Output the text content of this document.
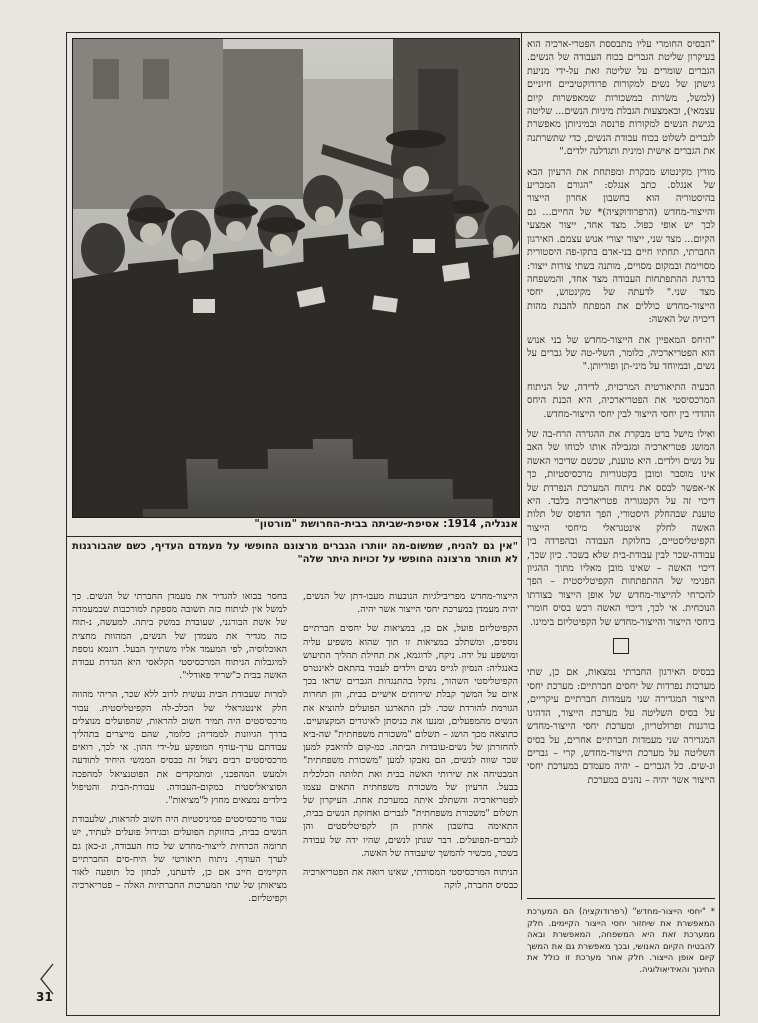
אנגליה, 1914: אסיפת-שביתה בבית-החרושת "מורטון"

"הבסיס החומרי עליו מתבססת הפטרי-ארכיה הוא בעיקרון שליטת הגברים בכוח העבודה של הנשים. הגברים שומרים על שליטה זאת על-ידי מניעת גישתן של נשים למקורות פרודוקטיביים חיוניים (למשל, משׂרות במשכורות שמאפשרות קיום עצמאי), ובאמצעות הגבלת מיניות הנשים... שליטה בגישת הנשים למקורות פרנסה ובמיניותן מאפשרת לגברים לשלוט בכוח עבודת הנשים, כדי שתשרתנה את הגברים אישית ומינית ותגדלנה ילדים."

מורין מקינטוש מבקרת ומפתחת את הרעיון הבא של אנגלס. כתב אנגלס: "הגורם המכריע בהיסטוריה הוא בחשבון אחרון הייצור והייצור-מחדש (הרפרודוקציה)* של החיים... גם לכך יש אופי כפול. מצד אחד, ייצור אמצעי הקיום... מצד שני, ייצור יצורי אנוש עצמם. האירגון החברתי, תחתיו חיים בני-אדם בתקו-פה היסטורית מסויימת ובמקום מסויים, מותנה בשתי צורות ייצור: בדרגת ההתפתחות העבודה מצד אחד, והמשפחה מצד שני." לדעתה של מקינטוש, יחסי הייצור-מחדש כוללים את המפתח להבנת מהות דיכויה של האשה:

"היחס המאפיין את הייצור-מחדש של בני אנוש הוא הפטריארכיה, כלומר, השלי-טה של גברים על נשים, ובמיוחד על מיני-תן ופוריותן."

הבעיה התיאורטית המרכזית, לדידה, של הניתוח המרכסיסטי את הפטריארכיה, היא הבנת היחס ההדדי בין יחסי הייצור לבין יחסי הייצור-מחדש.

ואילו מישל ברט מבקרת את ההגדרה הרח-בה של המושג פטריארכיה ומגבילה אותו לכוחו של האב על נשים וילדים. היא טוענת, שכשם שדיכוי האשה אינו מוסבר ומובן בקטגוריות מרכסיסטיות, כך אי-אפשר לבסס את ניתוח המערכת הנפרדת של דיכוי זה על הקטגוריה פטריארכיה בלבד. היא טוענת שבהחלק היסטורי, הפך הדפוס של תלות האשה לחלק אינטגראלי מיחסי הייצור הקפיטליסטיים, בחלוקת העבודה ובהפרדה בין עבודה-שכר לבין עבודת-בית שלא בשכר. כיון שכך, דיכוי האשה – שאינו מובן מאליו מתוך ההגיון הפנימי של ההתפתחות הקפיטליסטית – הפך להכרחי להייצור-מחדש של אופן הייצור בצורתו הנוכחית. אי לכך, דיכוי האשה רכש בסיס חומרי ביחסי הייצור והייצור-מחדש של הקפיטליזם בימינו.

בבסיס האירגון החברתי נמצאות, אם כן, שתי מערכות נפרדות של יחסים חברתיים: מערכת יחסי הייצור המגדירה שני מעמדות חברתיים עיקריים, על בסיס השליטה על מערכת הייצור, הדהינו בורגנות ופרולטריון, ומערכת יחסי הייצור-מחדש המגדירה שני מעמדות חברתיים אחרים, על בסיס השליטה על מערכת הייצור-מחדש, קרי – גברים ונ-שים. כל הגברים – יהיה מעמדם במערכת יחסי הייצור אשר יהיה – נהנים במערכת

* "יחסי הייצור-מחדש" (רפרודוקציה) הם המערכת המאפשרת את שיחזור יחסי הייצור הקיימים. חלק ממערכת זאת היא המשפחה, המאפשרת ובאה להבטיח הקיום האנושי, ובכך מאפשרת גם את המשך קיום אופן הייצור. חלק אחר מערכת זו כולל את החינוך והאידיאולוגיה.
"אין גם להניח, שמשום-מה יוותרו הגברים מרצונם החופשי על מעמדם העדיף, כשם שהבורגנות לא תוותר מרצונה החופשי על זכויות היתר שלה"

הייצור-מחדש מפריבילגיות הנובעות מעבו-דתן של הנשים, יהיה מעמדן במערכת יחסי הייצור אשר יהיה.

הקפיטליזם פועל, אם כן, במציאות של יחסים חברתיים נוספים, ומשתלב במציאות זו תוך שהוא משפיע עליה ומושפע על ידה. ניקח, לדוגמא, את תחילת תהליך התיעוש באנגליה: הנסיון לגייס נשים וילדים לעבוד בהתאם לאינטרס הקפיטליסטי השהור, נתקל בהתנגדות הגברים שראו בכך איום על המשך קבלת שירותים אישיים בבית, והן תחרות הגורמת להורדת שכר. לכן התארגנו הפועלים להוציא את הנשים מהמפעלים, ומנעו את כניסתן לאיגודים המקצועיים. כתוצאה מכך הושג – תשלום "משכורת משפחתית" שה-ביא להחזרתן של נשים-עובדות הביתה. כמ-קום להיאבק למען שכר שווה לנשים, הם נאבקו למען "משכורת משפחתית" המבטיחה את שירותי האשה בבית ואת תלותה הכלכלית בבעל. הרעיון של משכורת משפחתית התאים עצמו לפטריארכיה והשתלב איתה במערכת אחת. העיקרון של תשלום "משכורת משפחתית" לגברים ואחזקת הנשים בבית, התאימה בחשבון אחרון הן לקפיטליסטים והן לגברים-הפועלים. דבר שנתן לנשים, שהיו ידה של עבודה בשכר, מכשיר להמשך שיעבודה של האשה.

הניתוח המרכסיסטי המסורתי, שאינו רואה את הפטריארכיה כבסיס החברה, לוקה

בחסר בבואו להגדיר את מעמדן החברתי של הנשים. כך למשל אין לניתוח כזה תשובה מספקת למורכבות שבמעמדה של אשת הבורגני, שעובדת במשק ביתה. למעשה, נ-תוח כזה מגדיר את מעמדן של הנשים, המהוות מחצית האוכלוסיה, לפי המעמד אליו משתייך הבעל. דוגמא נוספת למיגבלות הניתוח המרכסיסטי הקלאסי היא הגדרת עבודת האשה בבית כ"שריד פאודלי".

למרות שעבודת הבית נעשית לרוב ללא שכר, הריהי מהווה חלק אינטגראלי של הכלכ-לה הקפיטליסטית. עבור מרכסיסטים היה תמיד חשוב להראות, שהפועלים מנוצלים בדרך הגיוונות לממדיה; כלומר, שהם מייצרים בתהליך עבודתם ערך-עודף המופקע על-ידי ההון. אי לכך, רואים מרכסיסטים רבים ניצול זה כבסיס הממשי היחיד לתודעה ולמעש המהפכני, ומתמקדים את הפוטנציאל למהפכה הסוציאליסטית במקום-העבודה. עבודת-הבית והטיפול בילדים נמצאים מחוץ ל"מציאות".

עבור מרכסיסטים פמיניסטיות היה חשוב להראות, שלעבודת הנשים בבית, בחזוקת הפועלים ובגידול פועלים לעתיד, יש תרומה הכרחית לייצור-מחדש של כוח העבודה, ונ-כאן גם לערך העודף. ניתוח תיאורטי של היח-סים החברתיים הקיימים חייב אם כן, לדעתנו, לבחון כל תופעה לאור מציאותן של שתי המערכות החברתיות האלה – פטריארכיה וקפיטליזם.

31
